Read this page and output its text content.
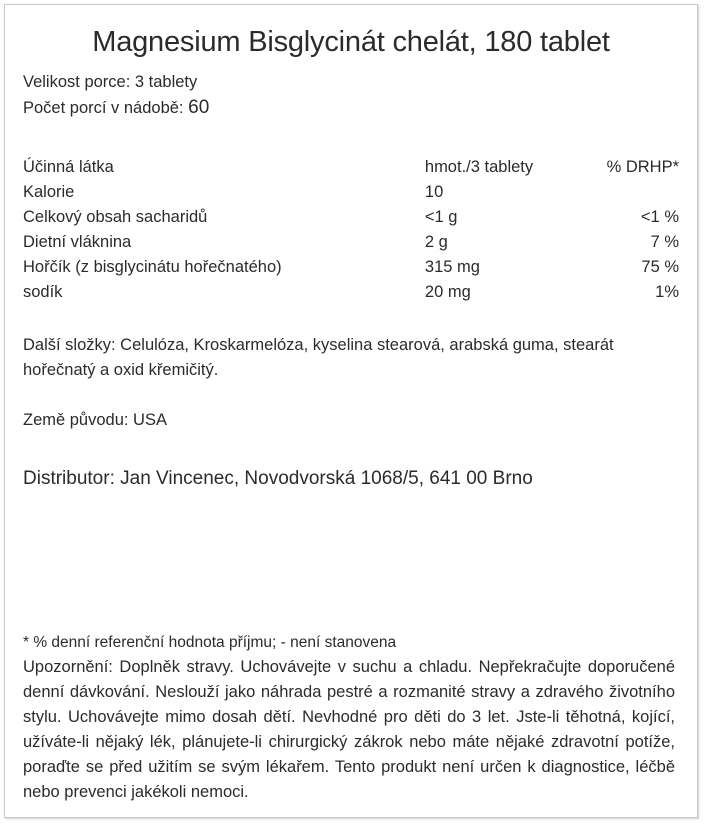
Magnesium Bisglycinát chelát, 180 tablet
Velikost porce: 3 tablety
Počet porcí v nádobě: 60
Účinná látka	hmot./3 tablety	% DRHP*
Kalorie	10	
Celkový obsah sacharidů	<1 g	<1 %
Dietní vláknina	2 g	7 %
Hořčík (z bisglycinátu hořečnatého)	315 mg	75 %
sodík	20 mg	1%

Další složky: Celulóza, Kroskarmelóza, kyselina stearová, arabská guma, stearát hořečnatý a oxid křemičitý.

Země původu: USA

Distributor: Jan Vincenec, Novodvorská 1068/5, 641 00 Brno

* % denní referenční hodnota příjmu; - není stanovena

Upozornění: Doplněk stravy. Uchovávejte v suchu a chladu. Nepřekračujte doporučené denní dávkování. Neslouží jako náhrada pestré a rozmanité stravy a zdravého životního stylu. Uchovávejte mimo dosah dětí. Nevhodné pro děti do 3 let. Jste-li těhotná, kojící, užíváte-li nějaký lék, plánujete-li chirurgický zákrok nebo máte nějaké zdravotní potíže, poraďte se před užitím se svým lékařem. Tento produkt není určen k diagnostice, léčbě nebo prevenci jakékoli nemoci.
